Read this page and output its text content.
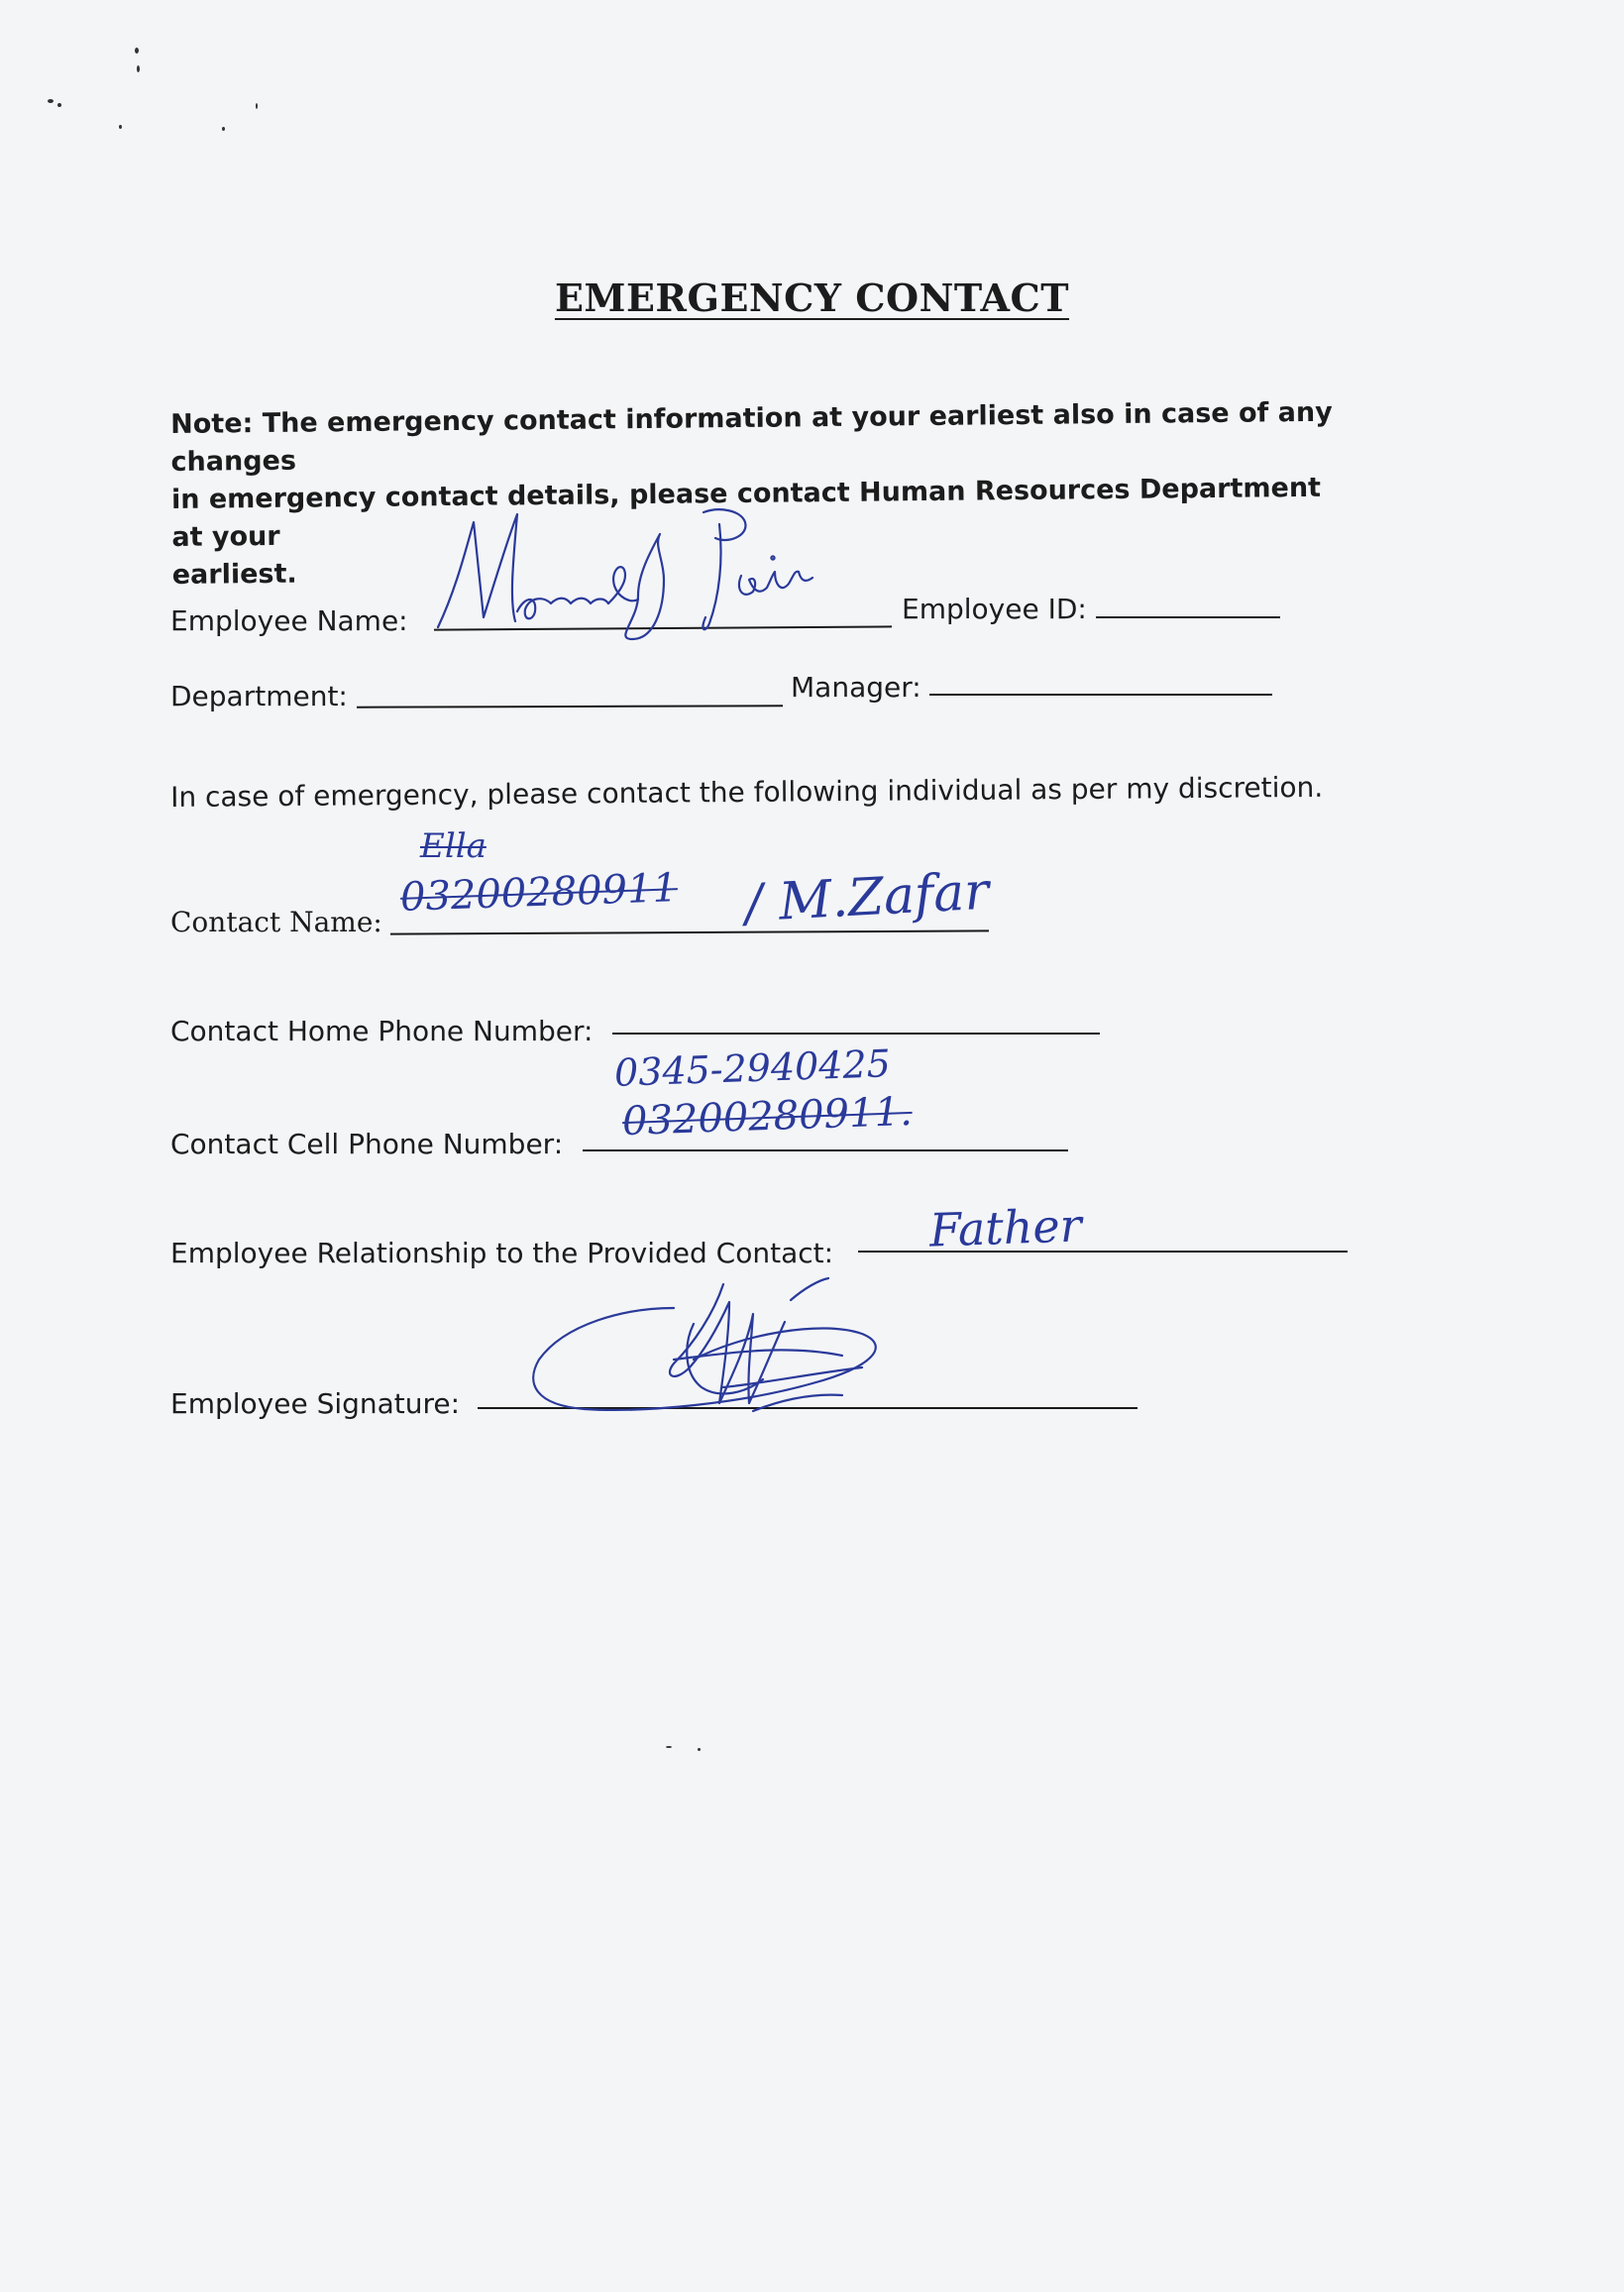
EMERGENCY CONTACT
Note: The emergency contact information at your earliest also in case of any changes
in emergency contact details, please contact Human Resources Department at your
earliest.
Employee Name:	Employee ID:
Department:	Manager:
In case of emergency, please contact the following individual as per my discretion.
Contact Name:
Ella
03200280911 / M.Zafar
Contact Home Phone Number:
0345-2940425
Contact Cell Phone Number: 03200280911.
Employee Relationship to the Provided Contact: Father
Employee Signature:
